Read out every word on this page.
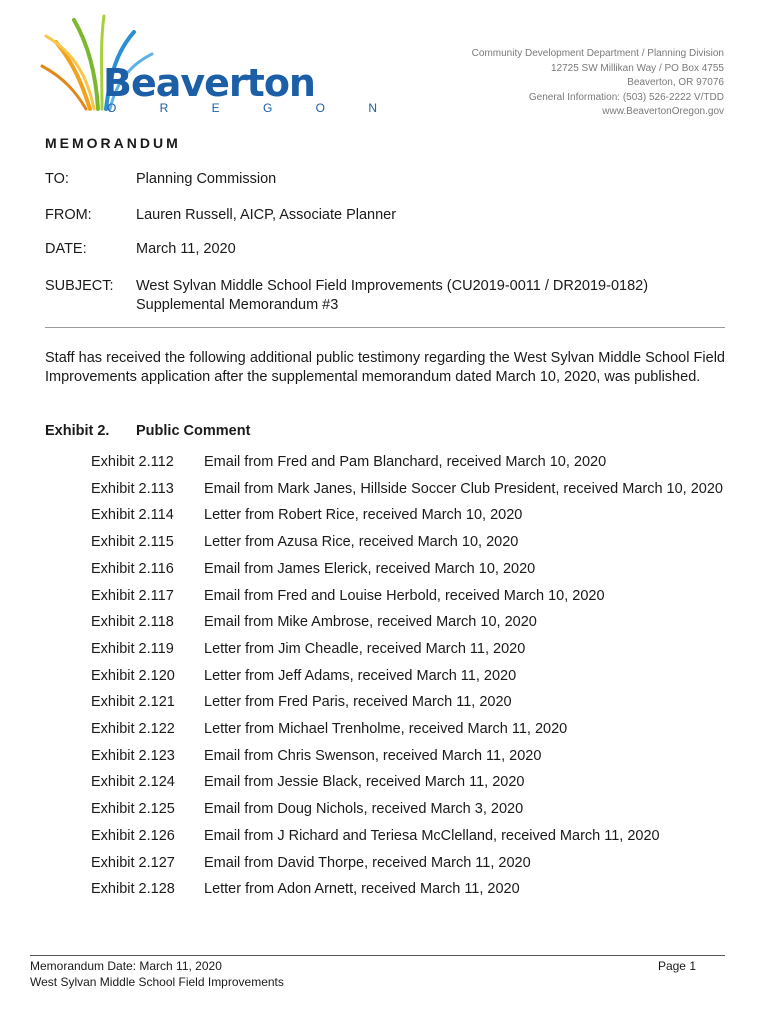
Beaverton
O R E G O N
Community Development Department / Planning Division
12725 SW Millikan Way / PO Box 4755
Beaverton, OR 97076
General Information: (503) 526-2222 V/TDD
www.BeavertonOregon.gov
MEMORANDUM
TO:	Planning Commission
FROM:	Lauren Russell, AICP, Associate Planner
DATE:	March 11, 2020
SUBJECT: West Sylvan Middle School Field Improvements (CU2019-0011 / DR2019-0182)
Supplemental Memorandum #3
Staff has received the following additional public testimony regarding the West Sylvan Middle School Field Improvements application after the supplemental memorandum dated March 10, 2020, was published.
Exhibit 2. Public Comment
Exhibit 2.112 Email from Fred and Pam Blanchard, received March 10, 2020
Exhibit 2.113 Email from Mark Janes, Hillside Soccer Club President, received March 10, 2020
Exhibit 2.114 Letter from Robert Rice, received March 10, 2020
Exhibit 2.115 Letter from Azusa Rice, received March 10, 2020
Exhibit 2.116 Email from James Elerick, received March 10, 2020
Exhibit 2.117 Email from Fred and Louise Herbold, received March 10, 2020
Exhibit 2.118 Email from Mike Ambrose, received March 10, 2020
Exhibit 2.119 Letter from Jim Cheadle, received March 11, 2020
Exhibit 2.120 Letter from Jeff Adams, received March 11, 2020
Exhibit 2.121 Letter from Fred Paris, received March 11, 2020
Exhibit 2.122 Letter from Michael Trenholme, received March 11, 2020
Exhibit 2.123 Email from Chris Swenson, received March 11, 2020
Exhibit 2.124 Email from Jessie Black, received March 11, 2020
Exhibit 2.125 Email from Doug Nichols, received March 3, 2020
Exhibit 2.126 Email from J Richard and Teriesa McClelland, received March 11, 2020
Exhibit 2.127 Email from David Thorpe, received March 11, 2020
Exhibit 2.128 Letter from Adon Arnett, received March 11, 2020
Memorandum Date: March 11, 2020
West Sylvan Middle School Field Improvements
Page 1
